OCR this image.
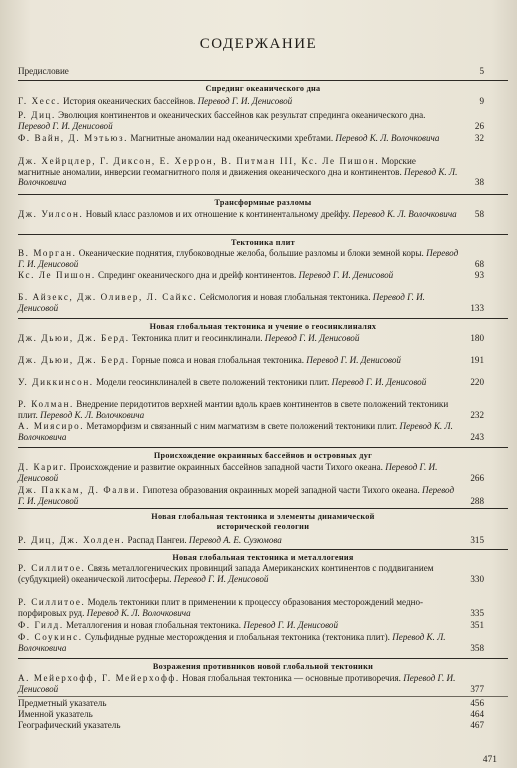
СОДЕРЖАНИЕ
Предисловие	5
Спрединг океанического дна
Г. Хесс. История океанических бассейнов. Перевод Г. И. Денисовой	9
Р. Диц. Эволюция континентов и океанических бассейнов как результат спрединга океанического дна. Перевод Г. И. Денисовой	26
Ф. Вайн, Д. Мэтьюз. Магнитные аномалии над океаническими хребтами. Перевод К. Л. Волочковича	32
Дж. Хейрцлер, Г. Диксон, Е. Херрон, В. Питман III, Кс. Ле Пишон. Морские магнитные аномалии, инверсии геомагнитного поля и движения океанического дна и континентов. Перевод К. Л. Волочковича	38
Трансформные разломы
Дж. Уилсон. Новый класс разломов и их отношение к континентальному дрейфу. Перевод К. Л. Волочковича	58
Тектоника плит
В. Морган. Океанические поднятия, глубоководные желоба, большие разломы и блоки земной коры. Перевод Г. И. Денисовой	68
Кс. Ле Пишон. Спрединг океанического дна и дрейф континентов. Перевод Г. И. Денисовой	93
Б. Айзекс, Дж. Оливер, Л. Сайкс. Сейсмология и новая глобальная тектоника. Перевод Г. И. Денисовой	133
Новая глобальная тектоника и учение о геосинклиналях
Дж. Дьюи, Дж. Берд. Тектоника плит и геосинклинали. Перевод Г. И. Денисовой	180
Дж. Дьюи, Дж. Берд. Горные пояса и новая глобальная тектоника. Перевод Г. И. Денисовой	191
У. Диккинсон. Модели геосинклиналей в свете положений тектоники плит. Перевод Г. И. Денисовой	220
Р. Колман. Внедрение перидотитов верхней мантии вдоль краев континентов в свете положений тектоники плит. Перевод К. Л. Волочковича	232
А. Миясиро. Метаморфизм и связанный с ним магматизм в свете положений тектоники плит. Перевод К. Л. Волочковича	243
Происхождение окраинных бассейнов и островных дуг
Д. Кариг. Происхождение и развитие окраинных бассейнов западной части Тихого океана. Перевод Г. И. Денисовой	266
Дж. Паккам, Д. Фалви. Гипотеза образования окраинных морей западной части Тихого океана. Перевод Г. И. Денисовой	288
Новая глобальная тектоника и элементы динамической
исторической геологии
Р. Диц, Дж. Холден. Распад Пангеи. Перевод А. Е. Сузюмова	315
Новая глобальная тектоника и металлогения
Р. Силлитое. Связь металлогенических провинций запада Американских континентов с поддвиганием (субдукцией) океанической литосферы. Перевод Г. И. Денисовой	330
Р. Силлитое. Модель тектоники плит в применении к процессу образования месторождений медно-порфировых руд. Перевод К. Л. Волочковича	335
Ф. Гилд. Металлогения и новая глобальная тектоника. Перевод Г. И. Денисовой	351
Ф. Соукинс. Сульфидные рудные месторождения и глобальная тектоника (тектоника плит). Перевод К. Л. Волочковича	358
Возражения противников новой глобальной тектоники
А. Мейерхофф, Г. Мейерхофф. Новая глобальная тектоника — основные противоречия. Перевод Г. И. Денисовой	377
Предметный указатель	456
Именной указатель	464
Географический указатель	467
471
